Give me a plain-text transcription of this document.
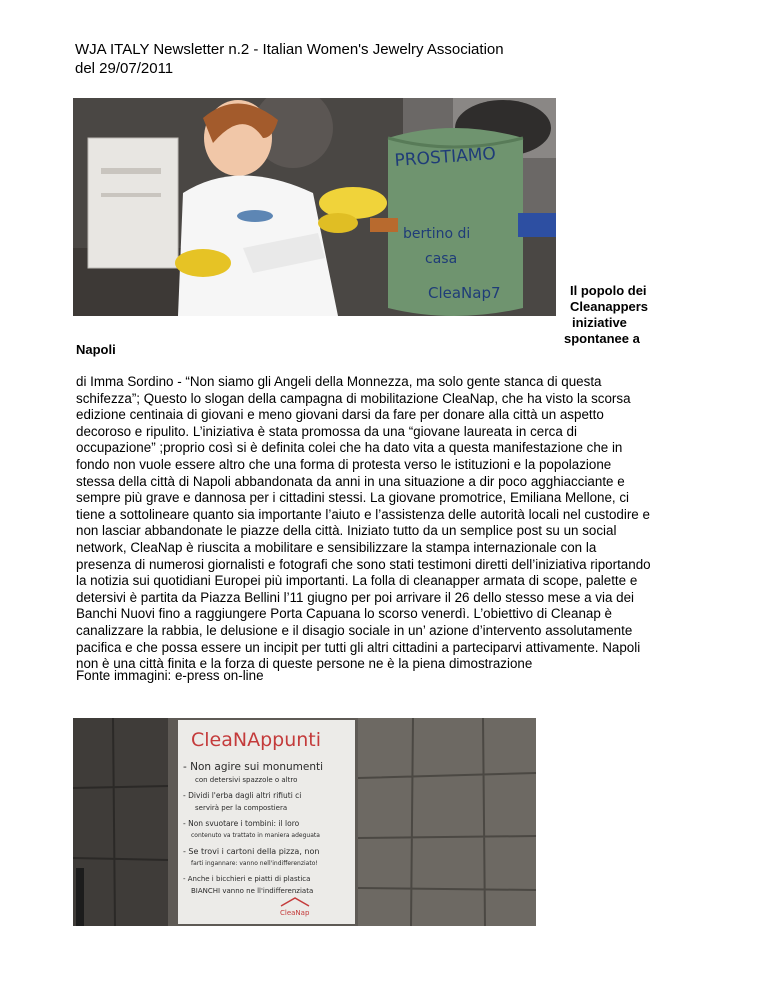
WJA ITALY Newsletter n.2 - Italian Women's Jewelry Association
del 29/07/2011
PROSTIAMO
bertino di
casa
CleaNap7	Il popolo dei
Cleanappers
iniziative
spontanee a
Napoli
di Imma Sordino - “Non siamo gli Angeli della Monnezza, ma solo gente stanca di questa
schifezza”; Questo lo slogan della campagna di mobilitazione CleaNap, che ha visto la scorsa
edizione centinaia di giovani e meno giovani darsi da fare per donare alla città un aspetto
decoroso e ripulito. L’iniziativa è stata promossa da una “giovane laureata in cerca di
occupazione” ;proprio così si è definita colei che ha dato vita a questa manifestazione che in
fondo non vuole essere altro che una forma di protesta verso le istituzioni e la popolazione
stessa della città di Napoli abbandonata da anni in una situazione a dir poco agghiacciante e
sempre più grave e dannosa per i cittadini stessi. La giovane promotrice, Emiliana Mellone, ci
tiene a sottolineare quanto sia importante l’aiuto e l’assistenza delle autorità locali nel custodire e
non lasciar abbandonate le piazze della città. Iniziato tutto da un semplice post su un social
network, CleaNap è riuscita a mobilitare e sensibilizzare la stampa internazionale con la
presenza di numerosi giornalisti e fotografi che sono stati testimoni diretti dell’iniziativa riportando
la notizia sui quotidiani Europei più importanti. La folla di cleanapper armata di scope, palette e
detersivi è partita da Piazza Bellini l’11 giugno per poi arrivare il 26 dello stesso mese a via dei
Banchi Nuovi fino a raggiungere Porta Capuana lo scorso venerdì. L’obiettivo di Cleanap è
canalizzare la rabbia, le delusione e il disagio sociale in un’ azione d’intervento assolutamente
pacifica e che possa essere un incipit per tutti gli altri cittadini a parteciparvi attivamente. Napoli
non è una città finita e la forza di queste persone ne è la piena dimostrazione
Fonte immagini: e-press on-line
CleaNAppunti
- Non agire sui monumenti
con detersivi spazzole o altro
- Dividi l'erba dagli altri rifiuti ci
servirà per la compostiera
- Non svuotare i tombini: il loro
contenuto va trattato in maniera adeguata
- Se trovi i cartoni della pizza, non
farti ingannare: vanno nell'indifferenziato!
- Anche i bicchieri e piatti di plastica
BIANCHI vanno ne ll'indifferenziata
CleaNap
